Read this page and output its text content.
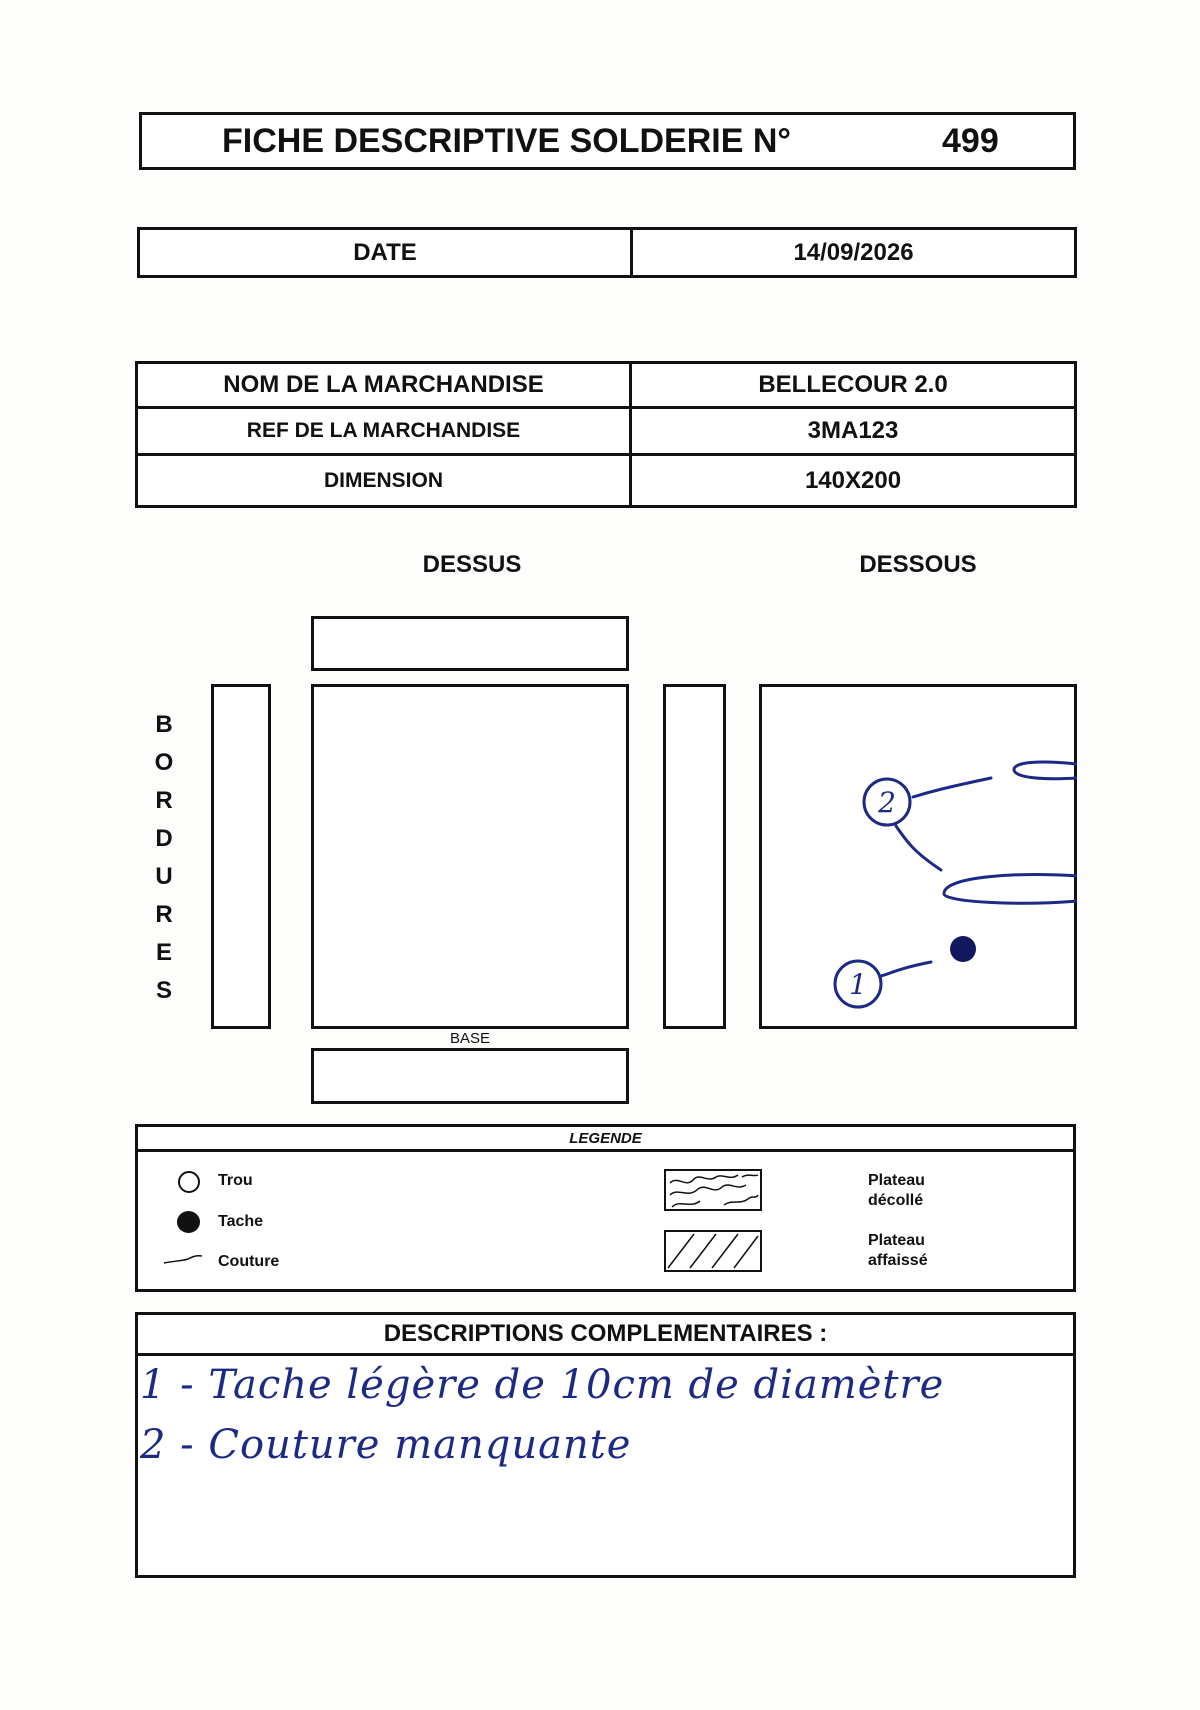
FICHE DESCRIPTIVE SOLDERIE N°	499
DATE	14/09/2026
NOM DE LA MARCHANDISE	BELLECOUR 2.0
REF DE LA MARCHANDISE	3MA123
DIMENSION	140X200
DESSUS	DESSOUS
B
O
R
D
U
R
E
S
BASE
2
1
LEGENDE
Trou
Tache
Couture
Plateau
décollé
Plateau
affaissé
DESCRIPTIONS COMPLEMENTAIRES :
1 - Tache légère de 10cm de diamètre
2 - Couture manquante
